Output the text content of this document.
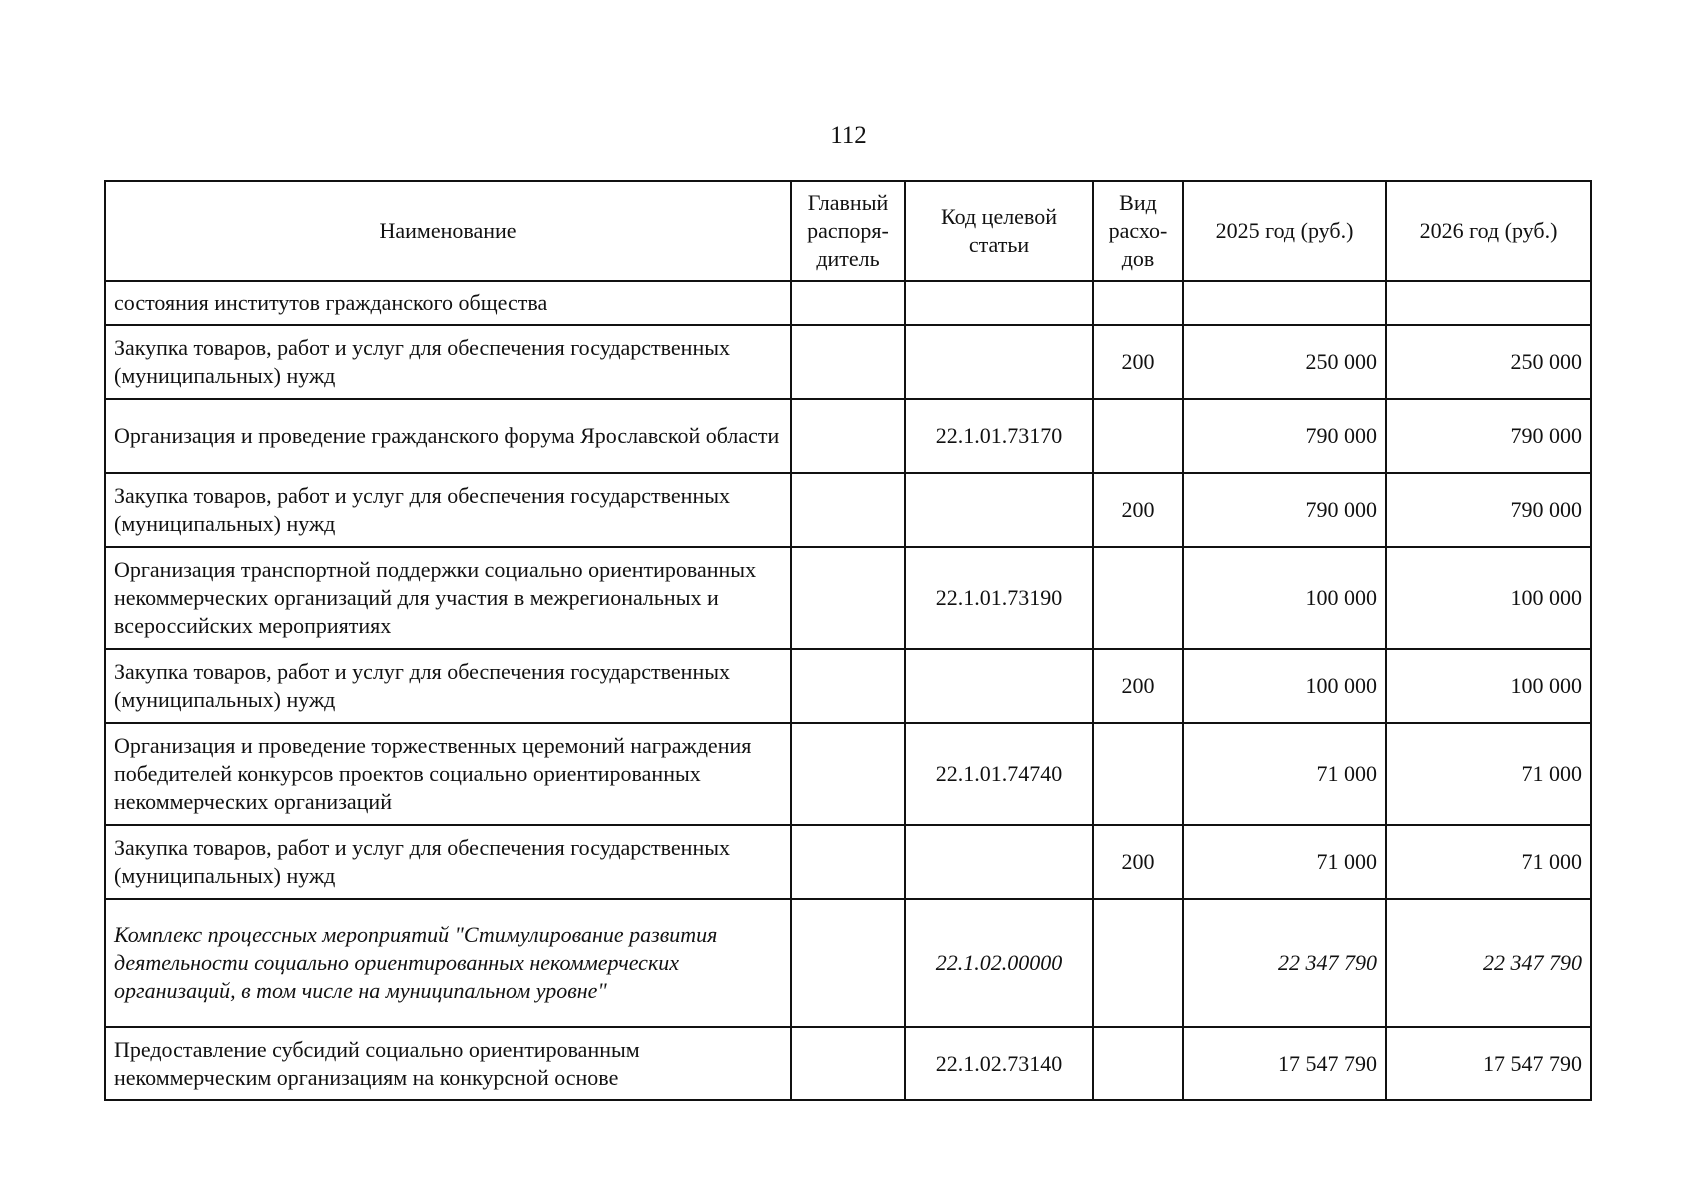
112
Наименование	Главный распоря-дитель	Код целевой статьи	Вид расхо-дов	2025 год (руб.)	2026 год (руб.)
состояния институтов гражданского общества					
Закупка товаров, работ и услуг для обеспечения государственных (муниципальных) нужд			200	250 000	250 000
Организация и проведение гражданского форума Ярославской области		22.1.01.73170		790 000	790 000
Закупка товаров, работ и услуг для обеспечения государственных (муниципальных) нужд			200	790 000	790 000
Организация транспортной поддержки социально ориентированных некоммерческих организаций для участия в межрегиональных и всероссийских мероприятиях		22.1.01.73190		100 000	100 000
Закупка товаров, работ и услуг для обеспечения государственных (муниципальных) нужд			200	100 000	100 000
Организация и проведение торжественных церемоний награждения победителей конкурсов проектов социально ориентированных некоммерческих организаций		22.1.01.74740		71 000	71 000
Закупка товаров, работ и услуг для обеспечения государственных (муниципальных) нужд			200	71 000	71 000
Комплекс процессных мероприятий "Стимулирование развития деятельности социально ориентированных некоммерческих организаций, в том числе на муниципальном уровне"		22.1.02.00000		22 347 790	22 347 790
Предоставление субсидий социально ориентированным некоммерческим организациям на конкурсной основе		22.1.02.73140		17 547 790	17 547 790
